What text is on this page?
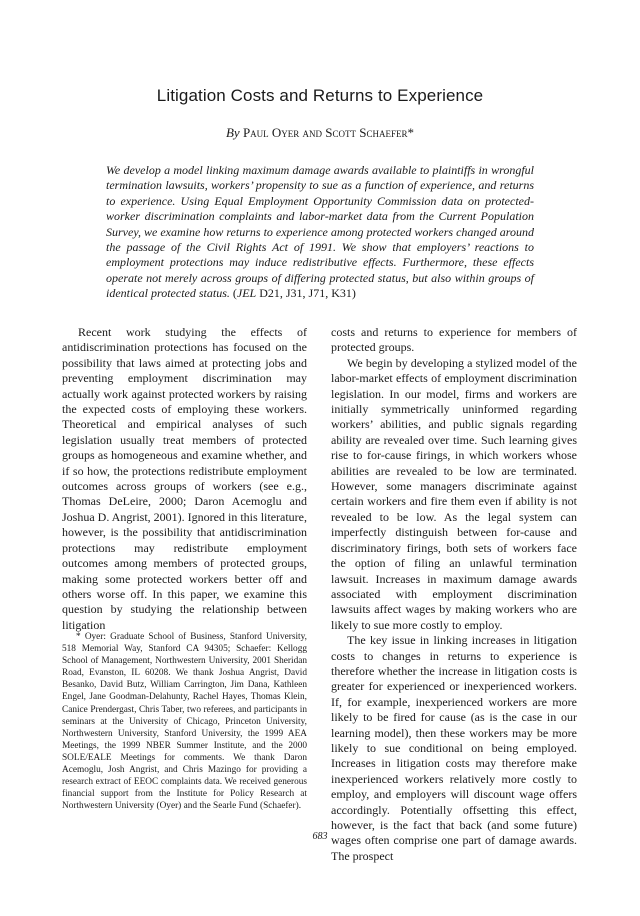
Litigation Costs and Returns to Experience
By Paul Oyer and Scott Schaefer*
We develop a model linking maximum damage awards available to plaintiffs in wrongful termination lawsuits, workers’ propensity to sue as a function of experience, and returns to experience. Using Equal Employment Opportunity Commission data on protected-worker discrimination complaints and labor-market data from the Current Population Survey, we examine how returns to experience among protected workers changed around the passage of the Civil Rights Act of 1991. We show that employers’ reactions to employment protections may induce redistributive effects. Furthermore, these effects operate not merely across groups of differing protected status, but also within groups of identical protected status. (JEL D21, J31, J71, K31)

Recent work studying the effects of antidiscrimination protections has focused on the possibility that laws aimed at protecting jobs and preventing employment discrimination may actually work against protected workers by raising the expected costs of employing these workers. Theoretical and empirical analyses of such legislation usually treat members of protected groups as homogeneous and examine whether, and if so how, the protections redistribute employment outcomes across groups of workers (see e.g., Thomas DeLeire, 2000; Daron Acemoglu and Joshua D. Angrist, 2001). Ignored in this literature, however, is the possibility that antidiscrimination protections may redistribute employment outcomes among members of protected groups, making some protected workers better off and others worse off. In this paper, we examine this question by studying the relationship between litigation

* Oyer: Graduate School of Business, Stanford University, 518 Memorial Way, Stanford CA 94305; Schaefer: Kellogg School of Management, Northwestern University, 2001 Sheridan Road, Evanston, IL 60208. We thank Joshua Angrist, David Besanko, David Butz, William Carrington, Jim Dana, Kathleen Engel, Jane Goodman-Delahunty, Rachel Hayes, Thomas Klein, Canice Prendergast, Chris Taber, two referees, and participants in seminars at the University of Chicago, Princeton University, Northwestern University, Stanford University, the 1999 AEA Meetings, the 1999 NBER Summer Institute, and the 2000 SOLE/EALE Meetings for comments. We thank Daron Acemoglu, Josh Angrist, and Chris Mazingo for providing a research extract of EEOC complaints data. We received generous financial support from the Institute for Policy Research at Northwestern University (Oyer) and the Searle Fund (Schaefer).

costs and returns to experience for members of protected groups.

We begin by developing a stylized model of the labor-market effects of employment discrimination legislation. In our model, firms and workers are initially symmetrically uninformed regarding workers’ abilities, and public signals regarding ability are revealed over time. Such learning gives rise to for-cause firings, in which workers whose abilities are revealed to be low are terminated. However, some managers discriminate against certain workers and fire them even if ability is not revealed to be low. As the legal system can imperfectly distinguish between for-cause and discriminatory firings, both sets of workers face the option of filing an unlawful termination lawsuit. Increases in maximum damage awards associated with employment discrimination lawsuits affect wages by making workers who are likely to sue more costly to employ.

The key issue in linking increases in litigation costs to changes in returns to experience is therefore whether the increase in litigation costs is greater for experienced or inexperienced workers. If, for example, inexperienced workers are more likely to be fired for cause (as is the case in our learning model), then these workers may be more likely to sue conditional on being employed. Increases in litigation costs may therefore make inexperienced workers relatively more costly to employ, and employers will discount wage offers accordingly. Potentially offsetting this effect, however, is the fact that back (and some future) wages often comprise one part of damage awards. The prospect

683
